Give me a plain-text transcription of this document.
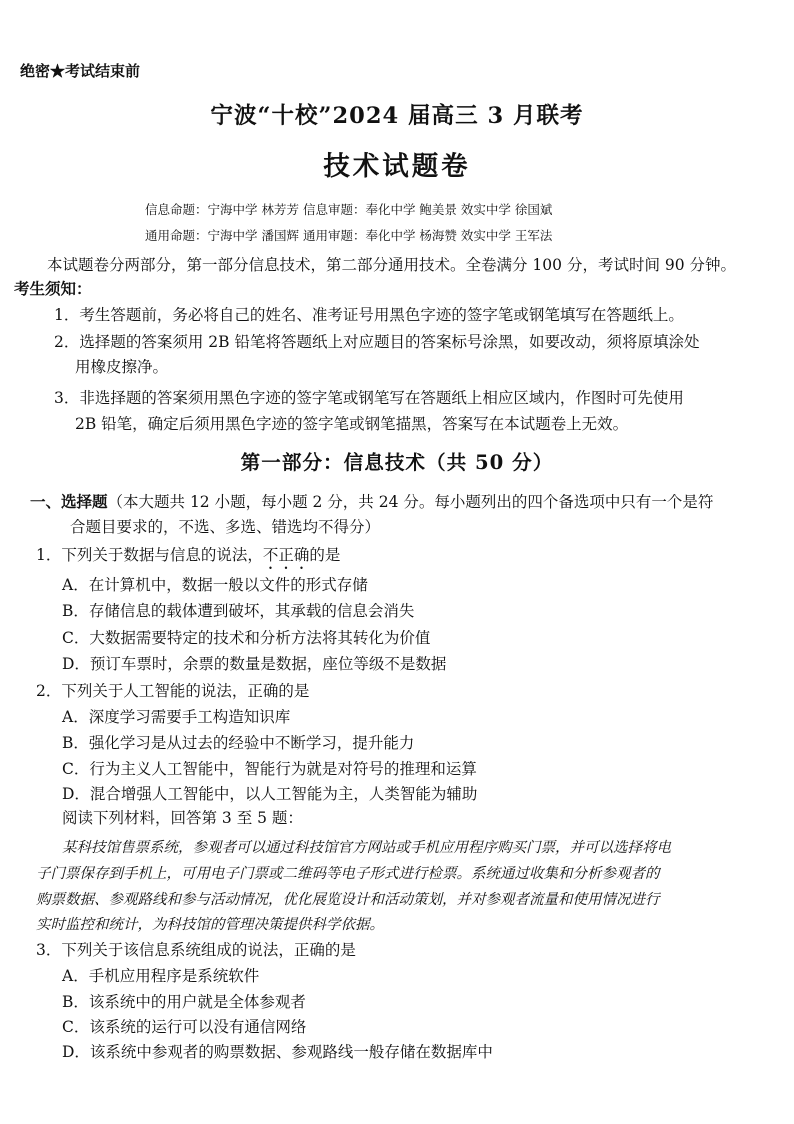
绝密★考试结束前
宁波“十校”2024 届高三 3 月联考
技术试题卷
信息命题：宁海中学 林芳芳 信息审题：奉化中学 鲍美景 效实中学 徐国斌
通用命题：宁海中学 潘国辉 通用审题：奉化中学 杨海赞 效实中学 王军法
本试题卷分两部分，第一部分信息技术，第二部分通用技术。全卷满分 100 分，考试时间 90 分钟。
考生须知：
1．考生答题前，务必将自己的姓名、准考证号用黑色字迹的签字笔或钢笔填写在答题纸上。
2．选择题的答案须用 2B 铅笔将答题纸上对应题目的答案标号涂黑，如要改动，须将原填涂处
用橡皮擦净。
3．非选择题的答案须用黑色字迹的签字笔或钢笔写在答题纸上相应区域内，作图时可先使用
2B 铅笔，确定后须用黑色字迹的签字笔或钢笔描黑，答案写在本试题卷上无效。
第一部分：信息技术（共 50 分）
一、选择题（本大题共 12 小题，每小题 2 分，共 24 分。每小题列出的四个备选项中只有一个是符
合题目要求的，不选、多选、错选均不得分）
1．下列关于数据与信息的说法，不正确的是
A．在计算机中，数据一般以文件的形式存储
B．存储信息的载体遭到破坏，其承载的信息会消失
C．大数据需要特定的技术和分析方法将其转化为价值
D．预订车票时，余票的数量是数据，座位等级不是数据
2．下列关于人工智能的说法，正确的是
A．深度学习需要手工构造知识库
B．强化学习是从过去的经验中不断学习，提升能力
C．行为主义人工智能中，智能行为就是对符号的推理和运算
D．混合增强人工智能中，以人工智能为主，人类智能为辅助
阅读下列材料，回答第 3 至 5 题：
某科技馆售票系统，参观者可以通过科技馆官方网站或手机应用程序购买门票，并可以选择将电
子门票保存到手机上，可用电子门票或二维码等电子形式进行检票。系统通过收集和分析参观者的
购票数据、参观路线和参与活动情况，优化展览设计和活动策划，并对参观者流量和使用情况进行
实时监控和统计，为科技馆的管理决策提供科学依据。
3．下列关于该信息系统组成的说法，正确的是
A．手机应用程序是系统软件
B．该系统中的用户就是全体参观者
C．该系统的运行可以没有通信网络
D．该系统中参观者的购票数据、参观路线一般存储在数据库中
